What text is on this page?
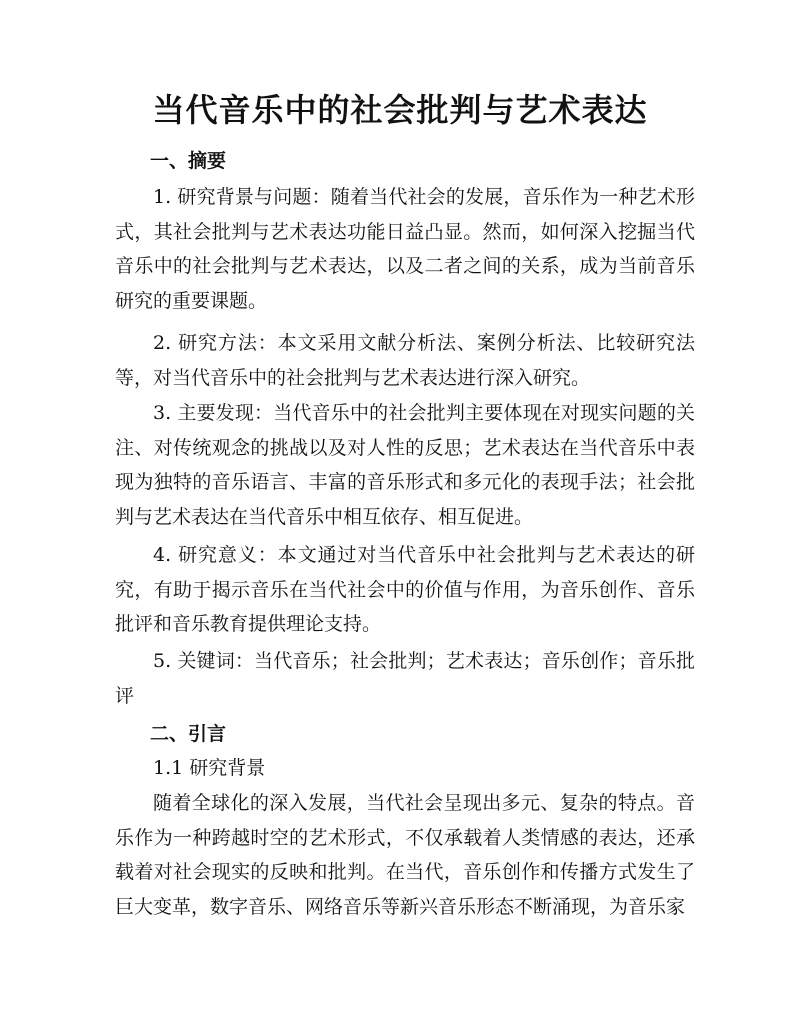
当代音乐中的社会批判与艺术表达
一、摘要

1. 研究背景与问题：随着当代社会的发展，音乐作为一种艺术形式，其社会批判与艺术表达功能日益凸显。然而，如何深入挖掘当代音乐中的社会批判与艺术表达，以及二者之间的关系，成为当前音乐研究的重要课题。

2. 研究方法：本文采用文献分析法、案例分析法、比较研究法等，对当代音乐中的社会批判与艺术表达进行深入研究。

3. 主要发现：当代音乐中的社会批判主要体现在对现实问题的关注、对传统观念的挑战以及对人性的反思；艺术表达在当代音乐中表现为独特的音乐语言、丰富的音乐形式和多元化的表现手法；社会批判与艺术表达在当代音乐中相互依存、相互促进。

4. 研究意义：本文通过对当代音乐中社会批判与艺术表达的研究，有助于揭示音乐在当代社会中的价值与作用，为音乐创作、音乐批评和音乐教育提供理论支持。

5. 关键词：当代音乐；社会批判；艺术表达；音乐创作；音乐批评

二、引言

1.1 研究背景

随着全球化的深入发展，当代社会呈现出多元、复杂的特点。音乐作为一种跨越时空的艺术形式，不仅承载着人类情感的表达，还承载着对社会现实的反映和批判。在当代，音乐创作和传播方式发生了巨大变革，数字音乐、网络音乐等新兴音乐形态不断涌现，为音乐家
